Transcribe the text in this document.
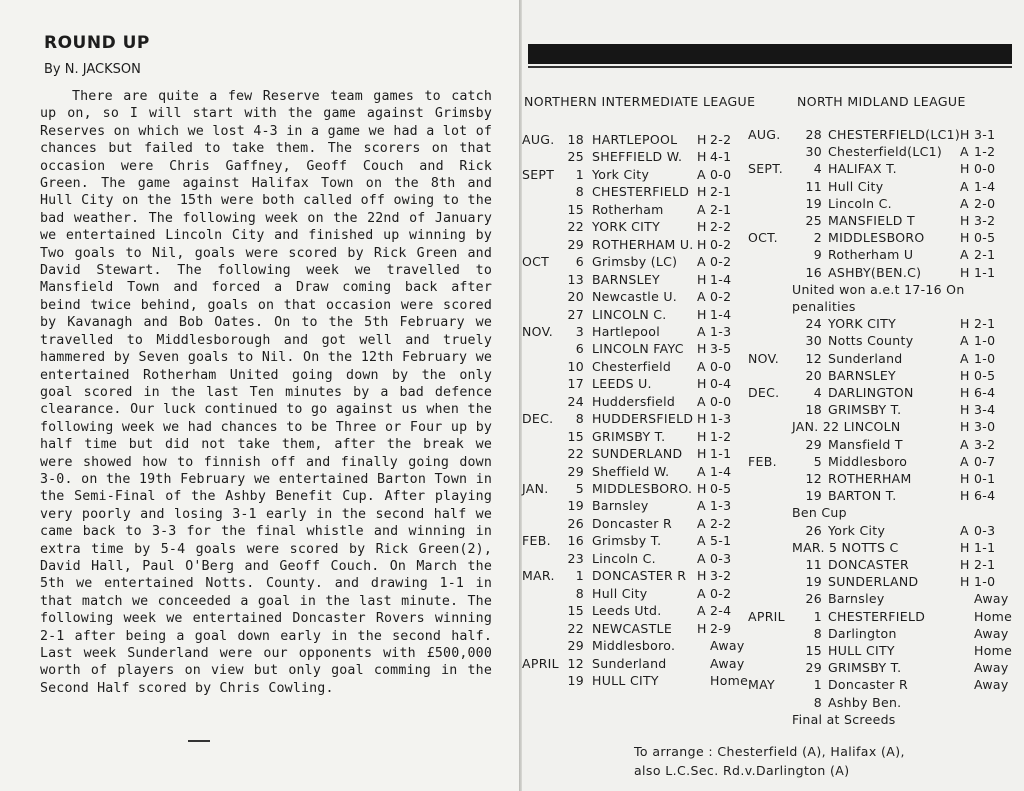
ROUND UP
By N. JACKSON

There are quite a few Reserve team games to catch up on, so I will start with the game against Grimsby Reserves on which we lost 4-3 in a game we had a lot of chances but failed to take them. The scorers on that occasion were Chris Gaffney, Geoff Couch and Rick Green. The game against Halifax Town on the 8th and Hull City on the 15th were both called off owing to the bad weather. The following week on the 22nd of January we entertained Lincoln City and finished up winning by Two goals to Nil, goals were scored by Rick Green and David Stewart. The following week we travelled to Mansfield Town and forced a Draw coming back after beind twice behind, goals on that occasion were scored by Kavanagh and Bob Oates. On to the 5th February we travelled to Middlesborough and got well and truely hammered by Seven goals to Nil. On the 12th February we entertained Rotherham United going down by the only goal scored in the last Ten minutes by a bad defence clearance. Our luck continued to go against us when the following week we had chances to be Three or Four up by half time but did not take them, after the break we were showed how to finnish off and finally going down 3-0. on the 19th February we entertained Barton Town in the Semi-Final of the Ashby Benefit Cup. After playing very poorly and losing 3-1 early in the second half we came back to 3-3 for the final whistle and winning in extra time by 5-4 goals were scored by Rick Green(2), David Hall, Paul O'Berg and Geoff Couch. On March the 5th we entertained Notts. County. and drawing 1-1 in that match we conceeded a goal in the last minute. The following week we entertained Doncaster Rovers winning 2-1 after being a goal down early in the second half. Last week Sunderland were our opponents with £500,000 worth of players on view but only goal comming in the Second Half scored by Chris Cowling.

NORTHERN INTERMEDIATE LEAGUE	NORTH MIDLAND LEAGUE
AUG.	18 HARTLEPOOL H 2-2
25 SHEFFIELD W. H 4-1
SEPT	1 York City	A 0-0
8 CHESTERFIELD H 2-1
15 Rotherham	A 2-1
22 YORK CITY	H 2-2
29 ROTHERHAM U. H 0-2
OCT	6 Grimsby (LC) A 0-2
13 BARNSLEY	H 1-4
20 Newcastle U. A 0-2
27 LINCOLN C. H 1-4
NOV.	3 Hartlepool	A 1-3
6 LINCOLN FAYC H 3-5
10 Chesterfield A 0-0
17 LEEDS U.	H 0-4
24 Huddersfield A 0-0
DEC.	8 HUDDERSFIELD H 1-3
15 GRIMSBY T.	H 1-2
22 SUNDERLAND H 1-1
29 Sheffield W. A 1-4
JAN.	5 MIDDLESBORO. H 0-5
19 Barnsley	A 1-3
26 Doncaster R A 2-2
FEB.	16 Grimsby T.	A 5-1
23 Lincoln C.	A 0-3
MAR.	1 DONCASTER R H 3-2
8 Hull City	A 0-2
15 Leeds Utd.	A 2-4
22 NEWCASTLE H 2-9
29 Middlesboro.	Away
APRIL 12 Sunderland	Away
19 HULL CITY	Home
AUG.	28 CHESTERFIELD(LC1) H 3-1
30 Chesterfield(LC1) A 1-2
SEPT.	4 HALIFAX T.	H 0-0
11 Hull City	A 1-4
19 Lincoln C.	A 2-0
25 MANSFIELD T	H 3-2
OCT.	2 MIDDLESBORO	H 0-5
9 Rotherham U	A 2-1
16 ASHBY(BEN.C)	H 1-1
United won a.e.t 17-16 On
penalities
24 YORK CITY	H 2-1
30 Notts County	A 1-0
NOV.	12 Sunderland	A 1-0
20 BARNSLEY	H 0-5
DEC.	4 DARLINGTON	H 6-4
18 GRIMSBY T.	H 3-4
JAN. 22 LINCOLN	H 3-0
29 Mansfield T	A 3-2
FEB.	5 Middlesboro	A 0-7
12 ROTHERHAM	H 0-1
19 BARTON T.	H 6-4
Ben Cup
26 York City	A 0-3
MAR. 5 NOTTS C	H 1-1
11 DONCASTER	H 2-1
19 SUNDERLAND	H 1-0
26 Barnsley	Away
APRIL	1 CHESTERFIELD	Home
8 Darlington	Away
15 HULL CITY	Home
29 GRIMSBY T.	Away
MAY	1 Doncaster R	Away
8 Ashby Ben.
Final at Screeds
To arrange : Chesterfield (A), Halifax (A),
also L.C.Sec. Rd.v.Darlington (A)
